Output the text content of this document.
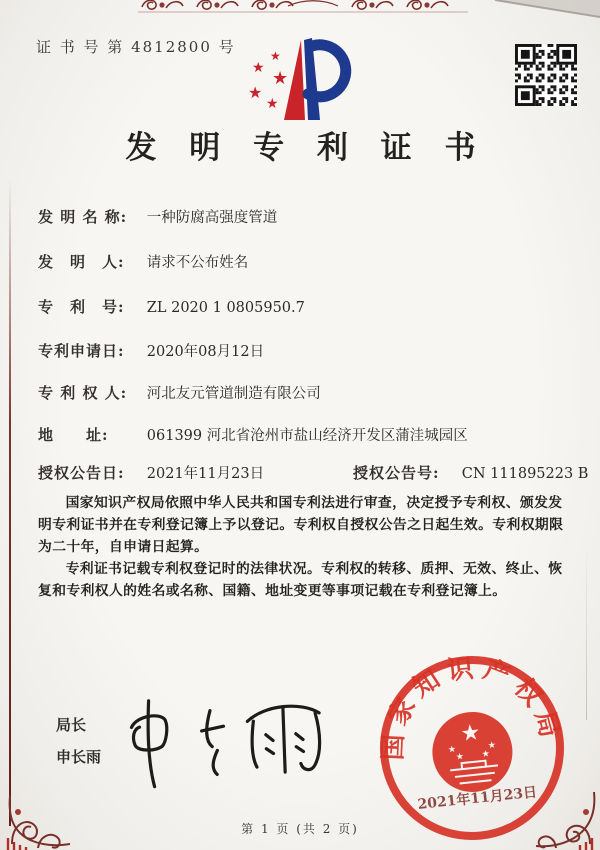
证 书 号 第 4812800 号	★
★ ★
★
★
发 明 专 利 证 书
发 明 名 称: 一种防腐高强度管道
发　明　人: 请求不公布姓名
专　利　号: ZL 2020 1 0805950.7
专利申请日: 2020年08月12日
专 利 权 人: 河北友元管道制造有限公司
地　　址:	061399 河北省沧州市盐山经济开发区蒲洼城园区
授权公告日: 2021年11月23日	授权公告号: CN 111895223 B

国家知识产权局依照中华人民共和国专利法进行审查，决定授予专利权、颁发发明专利证书并在专利登记簿上予以登记。专利权自授权公告之日起生效。专利权期限为二十年，自申请日起算。

专利证书记载专利权登记时的法律状况。专利权的转移、质押、无效、终止、恢复和专利权人的姓名或名称、国籍、地址变更等事项记载在专利登记簿上。

局长
申长雨	国家知识产权局
★
★	★
★ ★
2021年11月23日
第 1 页 (共 2 页)
